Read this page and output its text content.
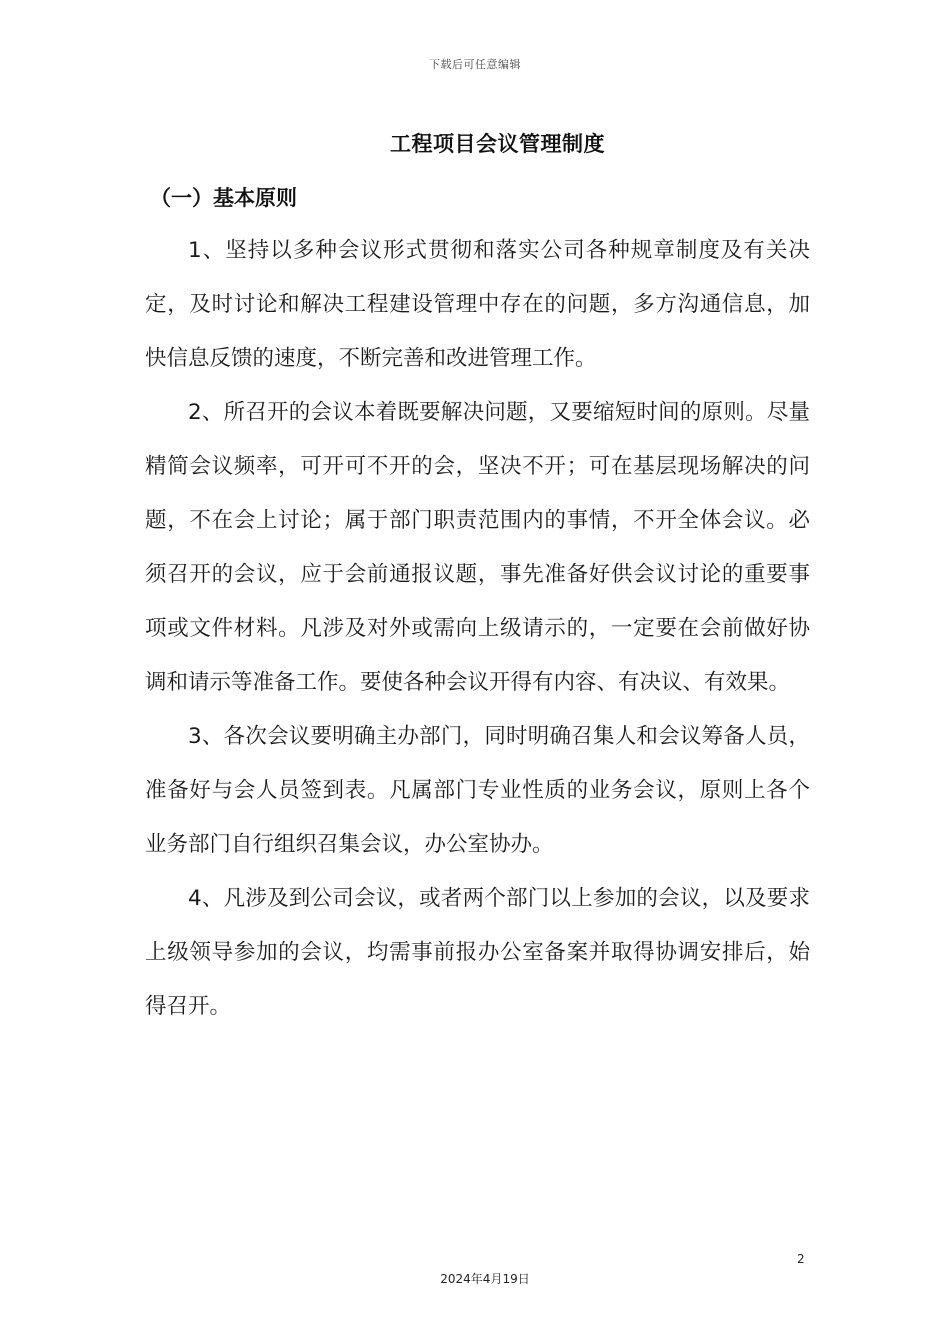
下载后可任意编辑
工程项目会议管理制度
（一）基本原则

1、坚持以多种会议形式贯彻和落实公司各种规章制度及有关决定，及时讨论和解决工程建设管理中存在的问题，多方沟通信息，加快信息反馈的速度，不断完善和改进管理工作。

2、所召开的会议本着既要解决问题，又要缩短时间的原则。尽量精简会议频率，可开可不开的会，坚决不开；可在基层现场解决的问题，不在会上讨论；属于部门职责范围内的事情，不开全体会议。必须召开的会议，应于会前通报议题，事先准备好供会议讨论的重要事项或文件材料。凡涉及对外或需向上级请示的，一定要在会前做好协调和请示等准备工作。要使各种会议开得有内容、有决议、有效果。

3、各次会议要明确主办部门，同时明确召集人和会议筹备人员，准备好与会人员签到表。凡属部门专业性质的业务会议，原则上各个业务部门自行组织召集会议，办公室协办。

4、凡涉及到公司会议，或者两个部门以上参加的会议，以及要求上级领导参加的会议，均需事前报办公室备案并取得协调安排后，始得召开。

2
2024年4月19日
